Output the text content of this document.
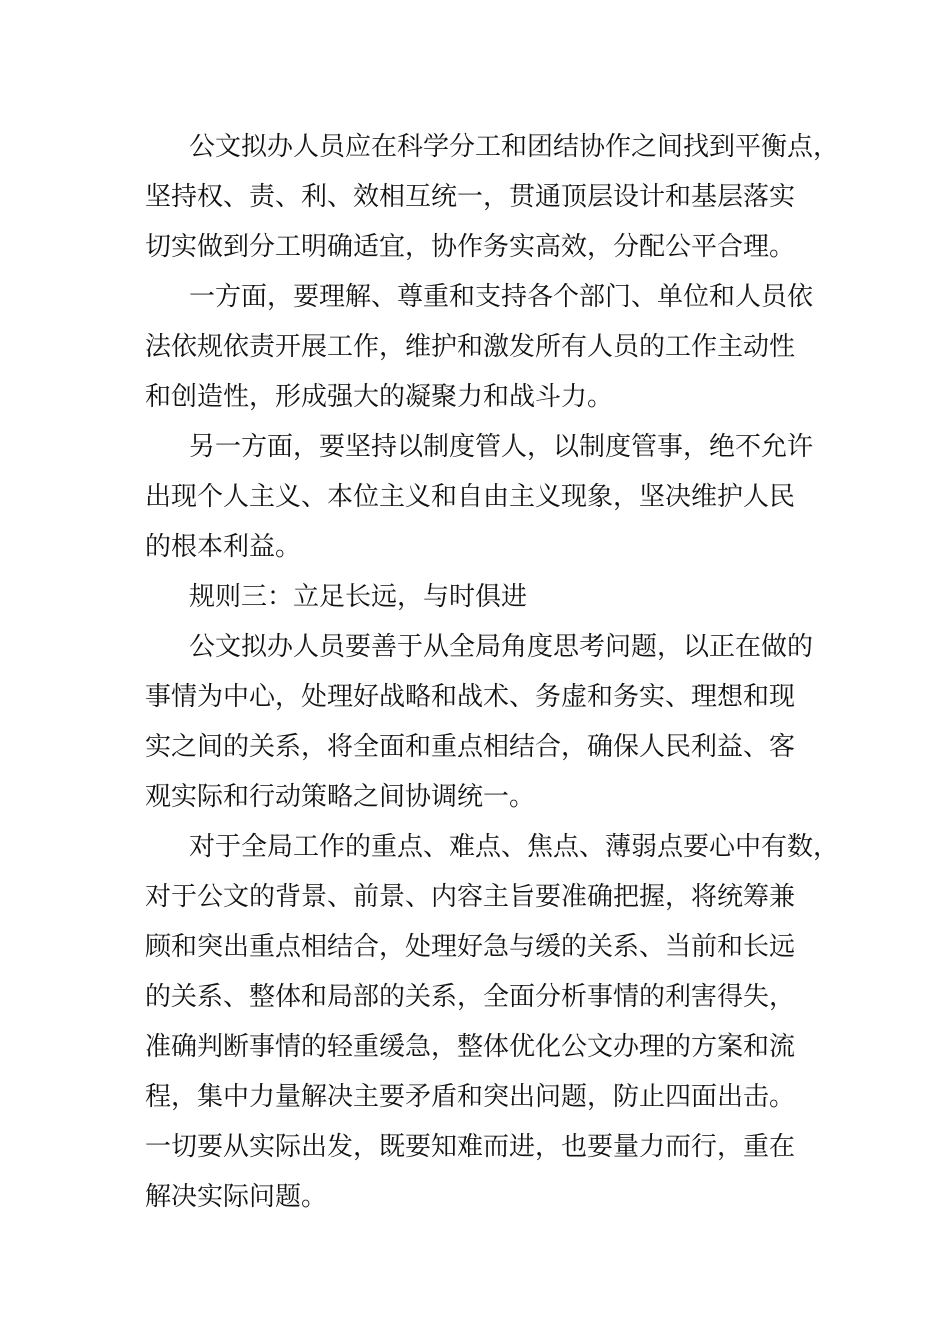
公文拟办人员应在科学分工和团结协作之间找到平衡点，
坚持权、责、利、效相互统一，贯通顶层设计和基层落实
切实做到分工明确适宜，协作务实高效，分配公平合理。
一方面，要理解、尊重和支持各个部门、单位和人员依
法依规依责开展工作，维护和激发所有人员的工作主动性
和创造性，形成强大的凝聚力和战斗力。
另一方面，要坚持以制度管人，以制度管事，绝不允许
出现个人主义、本位主义和自由主义现象，坚决维护人民
的根本利益。
规则三：立足长远，与时俱进
公文拟办人员要善于从全局角度思考问题，以正在做的
事情为中心，处理好战略和战术、务虚和务实、理想和现
实之间的关系，将全面和重点相结合，确保人民利益、客
观实际和行动策略之间协调统一。
对于全局工作的重点、难点、焦点、薄弱点要心中有数，
对于公文的背景、前景、内容主旨要准确把握，将统筹兼
顾和突出重点相结合，处理好急与缓的关系、当前和长远
的关系、整体和局部的关系，全面分析事情的利害得失，
准确判断事情的轻重缓急，整体优化公文办理的方案和流
程，集中力量解决主要矛盾和突出问题，防止四面出击。
一切要从实际出发，既要知难而进，也要量力而行，重在
解决实际问题。
